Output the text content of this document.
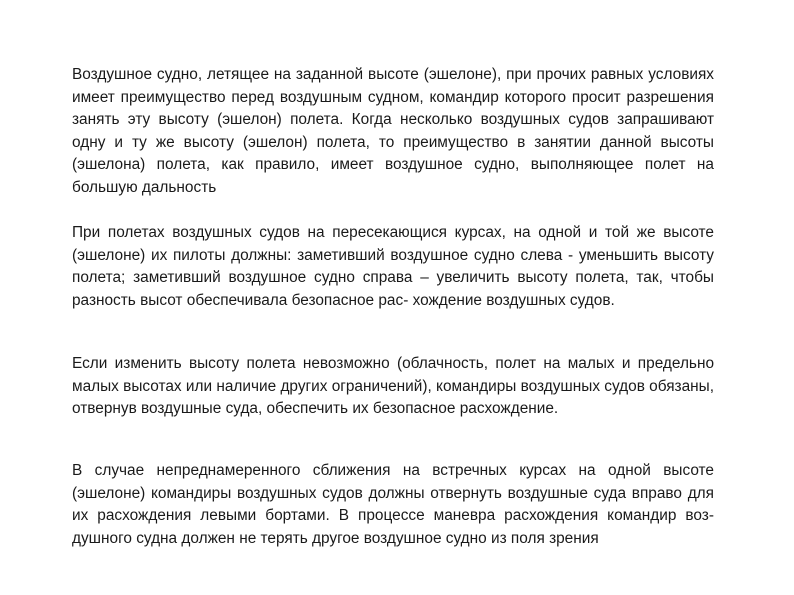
Воздушное судно, летящее на заданной высоте (эшелоне), при прочих равных условиях имеет преимущество перед воздушным судном, командир которого просит разрешения занять эту высоту (эшелон) полета. Когда несколько воздушных судов запрашивают одну и ту же высоту (эшелон) полета, то преимущество в занятии данной высоты (эшелона) полета, как правило, имеет воздушное судно, выполняющее полет на большую дальность

При полетах воздушных судов на пересекающися курсах, на одной и той же высоте (эшелоне) их пилоты должны: заметивший воздушное судно слева - уменьшить высоту полета; заметивший воздушное судно справа – увеличить высоту полета, так, чтобы разность высот обеспечивала безопасное рас- хождение воздушных судов.

Если изменить высоту полета невозможно (облачность, полет на малых и предельно малых высотах или наличие других ограничений), командиры воздушных судов обязаны, отвернув воздушные суда, обеспечить их безопасное расхождение.

В случае непреднамеренного сближения на встречных курсах на одной высоте (эшелоне) командиры воздушных судов должны отвернуть воздушные суда вправо для их расхождения левыми бортами. В процессе маневра расхождения командир воз- душного судна должен не терять другое воздушное судно из поля зрения
